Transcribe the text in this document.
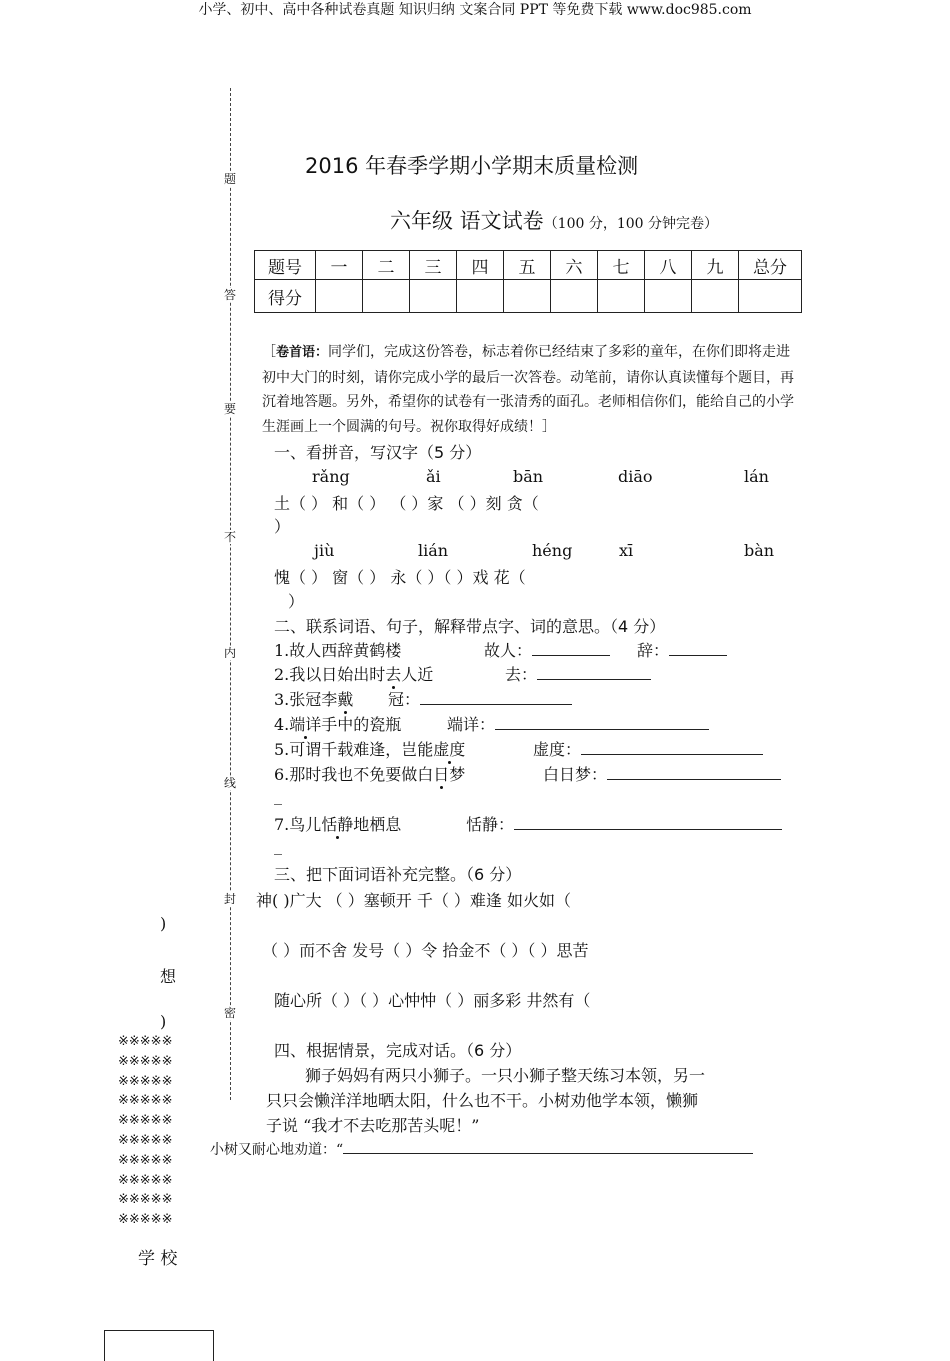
小学、初中、高中各种试卷真题 知识归纳 文案合同 PPT 等免费下载 www.doc985.com
题
答
要
不
内
线
封
密
)
想
)
※※※※※
※※※※※
※※※※※
※※※※※
※※※※※
※※※※※
※※※※※
※※※※※
※※※※※
※※※※※
学 校
2016 年春季学期小学期末质量检测
六年级 语文试卷（100 分，100 分钟完卷）
题号	一	二	三	四	五	六	七	八	九	总分
得分										
［卷首语：同学们，完成这份答卷，标志着你已经结束了多彩的童年，在你们即将走进初中大门的时刻，请你完成小学的最后一次答卷。动笔前，请你认真读懂每个题目，再沉着地答题。另外，希望你的试卷有一张清秀的面孔。老师相信你们，能给自己的小学生涯画上一个圆满的句号。祝你取得好成绩！］
一、看拼音，写汉字（5 分）
rǎng	ǎi	bān	diāo	lán
土（ ） 和（ ） （ ）家 （ ）刻 贪（
）
jiù	lián	héng	xī	bàn
愧（ ） 窗（ ） 永（ ）（ ）戏 花（
）
二、联系词语、句子，解释带点字、词的意思。（4 分）
1.故人西辞黄鹤楼	故人：	辞：
2.我以日始出时去人近	去：
3.张冠李戴 冠：
4.端详手中的瓷瓶	端详：
5.可谓千载难逢，岂能虚度	虚度：
6.那时我也不免要做白日梦	白日梦：
_
7.鸟儿恬静地栖息	恬静：
_
三、把下面词语补充完整。（6 分）
神( )广大 （ ）塞顿开 千（ ）难逢 如火如（
（ ）而不舍 发号（ ）令 拾金不（ ）（ ）思苦
随心所（ ）（ ）心忡忡（ ）丽多彩 井然有（
四、根据情景，完成对话。（6 分）
狮子妈妈有两只小狮子。一只小狮子整天练习本领，另一
只只会懒洋洋地晒太阳，什么也不干。小树劝他学本领，懒狮
子说 “我才不去吃那苦头呢！”
小树又耐心地劝道：“
